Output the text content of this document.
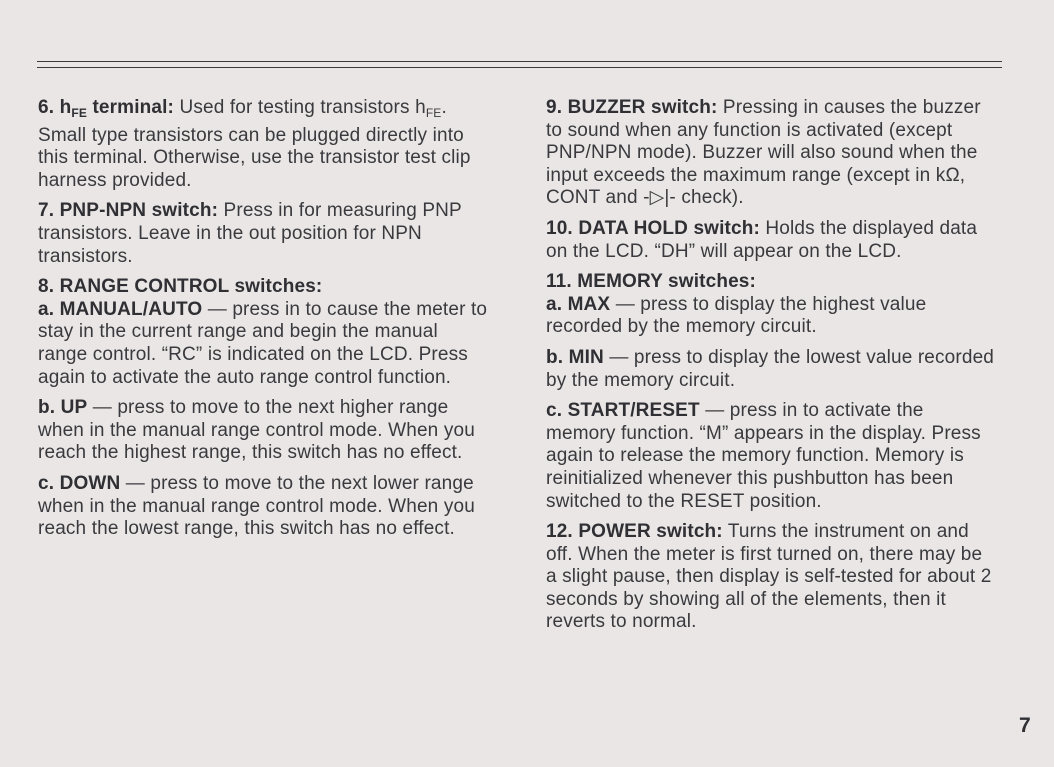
6. $h_{FE}$ terminal: Used for testing transistors $h_{FE}$. Small type transistors can be plugged directly into this terminal. Otherwise, use the transistor test clip harness provided.

7. PNP-NPN switch: Press in for measuring PNP transistors. Leave in the out position for NPN transistors.

8. RANGE CONTROL switches:

a. MANUAL/AUTO — press in to cause the meter to stay in the current range and begin the manual range control. “RC” is indicated on the LCD. Press again to activate the auto range control function.

b. UP — press to move to the next higher range when in the manual range control mode. When you reach the highest range, this switch has no effect.

c. DOWN — press to move to the next lower range when in the manual range control mode. When you reach the lowest range, this switch has no effect.

9. BUZZER switch: Pressing in causes the buzzer to sound when any function is activated (except PNP/NPN mode). Buzzer will also sound when the input exceeds the maximum range (except in kΩ, CONT and -▷|- check).

10. DATA HOLD switch: Holds the displayed data on the LCD. “DH” will appear on the LCD.

11. MEMORY switches:

a. MAX — press to display the highest value recorded by the memory circuit.

b. MIN — press to display the lowest value recorded by the memory circuit.

c. START/RESET — press in to activate the memory function. “M” appears in the display. Press again to release the memory function. Memory is reinitialized whenever this pushbutton has been switched to the RESET position.

12. POWER switch: Turns the instrument on and off. When the meter is first turned on, there may be a slight pause, then display is self-tested for about 2 seconds by showing all of the elements, then it reverts to normal.

7
